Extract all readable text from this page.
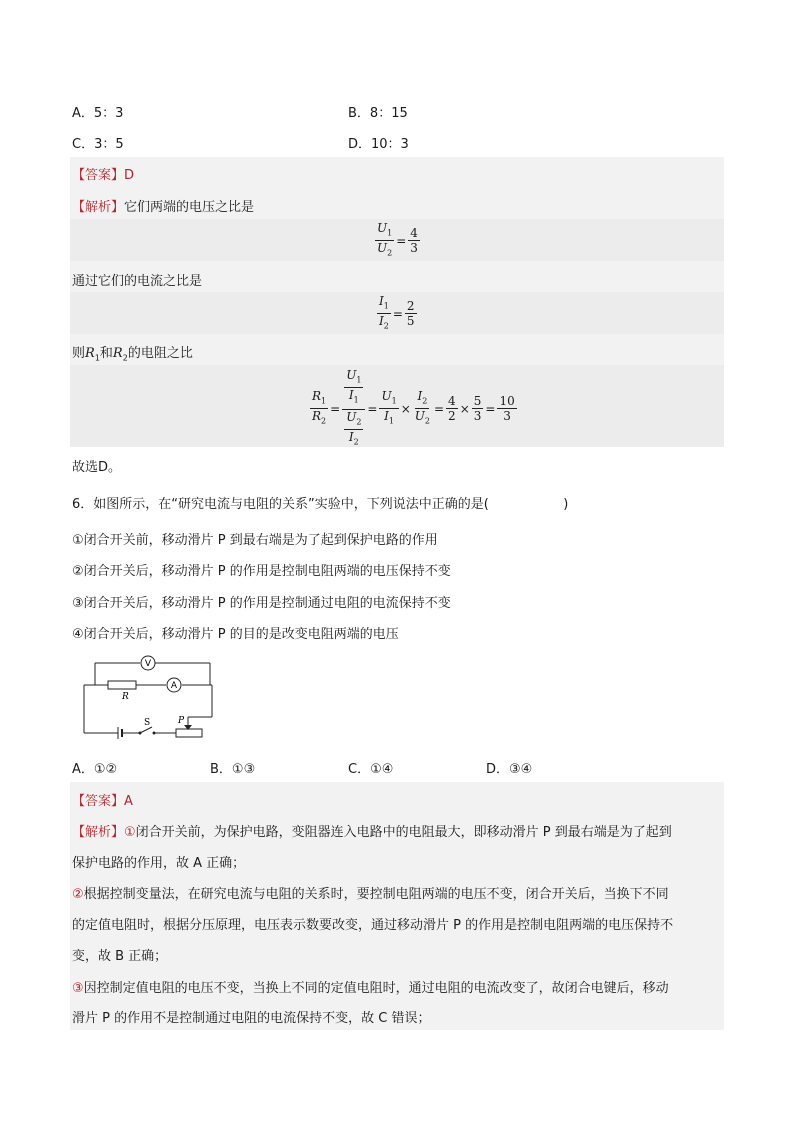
A．5：3	B．8：15
C．3：5	D．10：3
【答案】D
【解析】它们两端的电压之比是
$\frac{U_1}{U_2} = \frac{4}{3}$
通过它们的电流之比是
$\frac{I_1}{I_2} = \frac{2}{5}$
则$R_1$和$R_2$的电阻之比
$\frac{R_1}{R_2} = \frac{\frac{U_1}{I_1}}{\frac{U_2}{I_2}} = \frac{U_1}{I_1} \times \frac{I_2}{U_2} = \frac{4}{2} \times \frac{5}{3} = \frac{10}{3}$
故选D。
6．如图所示，在“研究电流与电阻的关系”实验中，下列说法中正确的是(                  )
①闭合开关前，移动滑片 P 到最右端是为了起到保护电路的作用
②闭合开关后，移动滑片 P 的作用是控制电阻两端的电压保持不变
③闭合开关后，移动滑片 P 的作用是控制通过电阻的电流保持不变
④闭合开关后，移动滑片 P 的目的是改变电阻两端的电压
V
A
R
S	P
A．①②	B．①③	C．①④	D．③④
【答案】A
【解析】①闭合开关前，为保护电路，变阻器连入电路中的电阻最大，即移动滑片 P 到最右端是为了起到
保护电路的作用，故 A 正确；
②根据控制变量法，在研究电流与电阻的关系时，要控制电阻两端的电压不变，闭合开关后，当换下不同
的定值电阻时，根据分压原理，电压表示数要改变，通过移动滑片 P 的作用是控制电阻两端的电压保持不
变，故 B 正确；
③因控制定值电阻的电压不变，当换上不同的定值电阻时，通过电阻的电流改变了，故闭合电键后，移动
滑片 P 的作用不是控制通过电阻的电流保持不变，故 C 错误；
